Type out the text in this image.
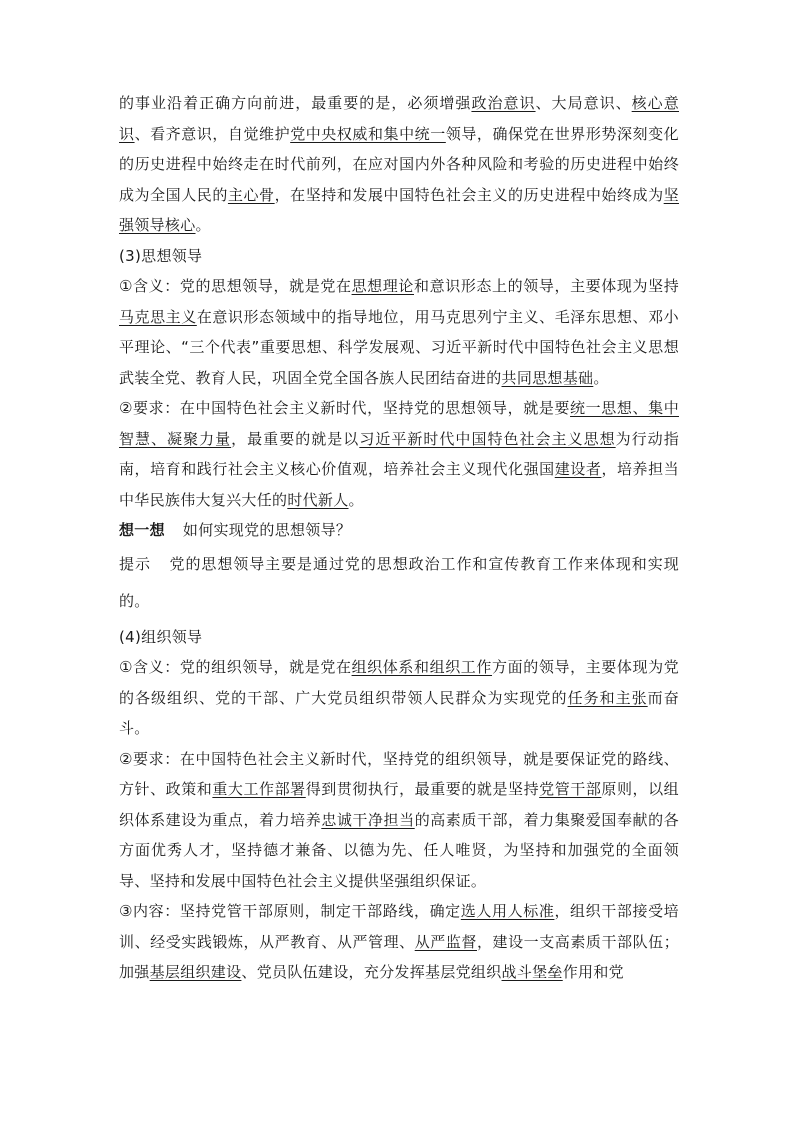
的事业沿着正确方向前进，最重要的是，必须增强政治意识、大局意识、核心意识、看齐意识，自觉维护党中央权威和集中统一领导，确保党在世界形势深刻变化的历史进程中始终走在时代前列，在应对国内外各种风险和考验的历史进程中始终成为全国人民的主心骨，在坚持和发展中国特色社会主义的历史进程中始终成为坚强领导核心。

(3)思想领导

①含义：党的思想领导，就是党在思想理论和意识形态上的领导，主要体现为坚持马克思主义在意识形态领域中的指导地位，用马克思列宁主义、毛泽东思想、邓小平理论、“三个代表”重要思想、科学发展观、习近平新时代中国特色社会主义思想武装全党、教育人民，巩固全党全国各族人民团结奋进的共同思想基础。

②要求：在中国特色社会主义新时代，坚持党的思想领导，就是要统一思想、集中智慧、凝聚力量，最重要的就是以习近平新时代中国特色社会主义思想为行动指南，培育和践行社会主义核心价值观，培养社会主义现代化强国建设者，培养担当中华民族伟大复兴大任的时代新人。

想一想 如何实现党的思想领导？

提示 党的思想领导主要是通过党的思想政治工作和宣传教育工作来体现和实现的。

(4)组织领导

①含义：党的组织领导，就是党在组织体系和组织工作方面的领导，主要体现为党的各级组织、党的干部、广大党员组织带领人民群众为实现党的任务和主张而奋斗。

②要求：在中国特色社会主义新时代，坚持党的组织领导，就是要保证党的路线、方针、政策和重大工作部署得到贯彻执行，最重要的就是坚持党管干部原则，以组织体系建设为重点，着力培养忠诚干净担当的高素质干部，着力集聚爱国奉献的各方面优秀人才，坚持德才兼备、以德为先、任人唯贤，为坚持和加强党的全面领导、坚持和发展中国特色社会主义提供坚强组织保证。

③内容：坚持党管干部原则，制定干部路线，确定选人用人标准，组织干部接受培训、经受实践锻炼，从严教育、从严管理、从严监督，建设一支高素质干部队伍；加强基层组织建设、党员队伍建设，充分发挥基层党组织战斗堡垒作用和党
